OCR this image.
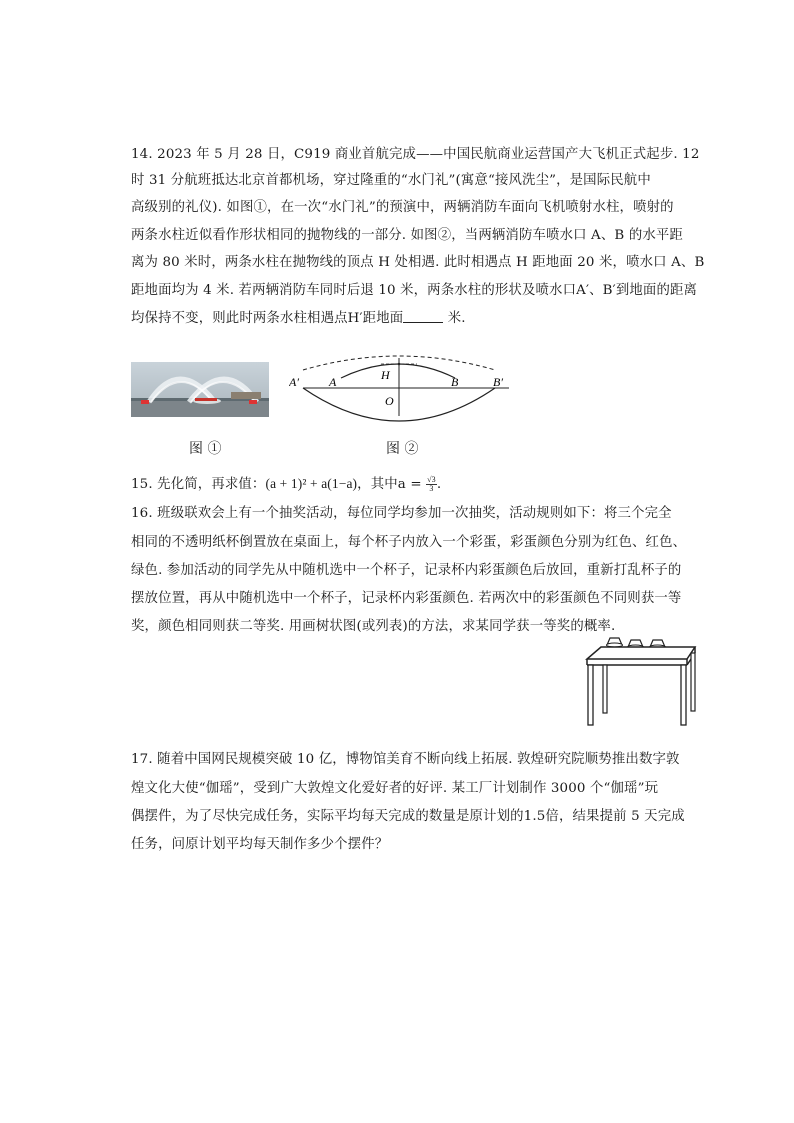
14. 2023 年 5 月 28 日，C919 商业首航完成——中国民航商业运营国产大飞机正式起步. 12
时 31 分航班抵达北京首都机场，穿过隆重的“水门礼”(寓意“接风洗尘”，是国际民航中
高级别的礼仪). 如图①，在一次“水门礼”的预演中，两辆消防车面向飞机喷射水柱，喷射的
两条水柱近似看作形状相同的抛物线的一部分. 如图②，当两辆消防车喷水口 A、B 的水平距
离为 80 米时，两条水柱在抛物线的顶点 H 处相遇. 此时相遇点 H 距地面 20 米，喷水口 A、B
距地面均为 4 米. 若两辆消防车同时后退 10 米，两条水柱的形状及喷水口A′、B′到地面的距离
均保持不变，则此时两条水柱相遇点H′距地面	米.
图 ①
A′	A	H
O
B	B′
图 ②
15. 先化简，再求值：(a + 1)² + a(1−a)，其中$a = \frac{√3}{3}$ .
16. 班级联欢会上有一个抽奖活动，每位同学均参加一次抽奖，活动规则如下：将三个完全
相同的不透明纸杯倒置放在桌面上，每个杯子内放入一个彩蛋，彩蛋颜色分别为红色、红色、
绿色. 参加活动的同学先从中随机选中一个杯子，记录杯内彩蛋颜色后放回，重新打乱杯子的
摆放位置，再从中随机选中一个杯子，记录杯内彩蛋颜色. 若两次中的彩蛋颜色不同则获一等
奖，颜色相同则获二等奖. 用画树状图(或列表)的方法，求某同学获一等奖的概率.
17. 随着中国网民规模突破 10 亿，博物馆美育不断向线上拓展. 敦煌研究院顺势推出数字敦
煌文化大使“伽瑶”，受到广大敦煌文化爱好者的好评. 某工厂计划制作 3000 个“伽瑶”玩
偶摆件，为了尽快完成任务，实际平均每天完成的数量是原计划的1.5倍，结果提前 5 天完成
任务，问原计划平均每天制作多少个摆件？
